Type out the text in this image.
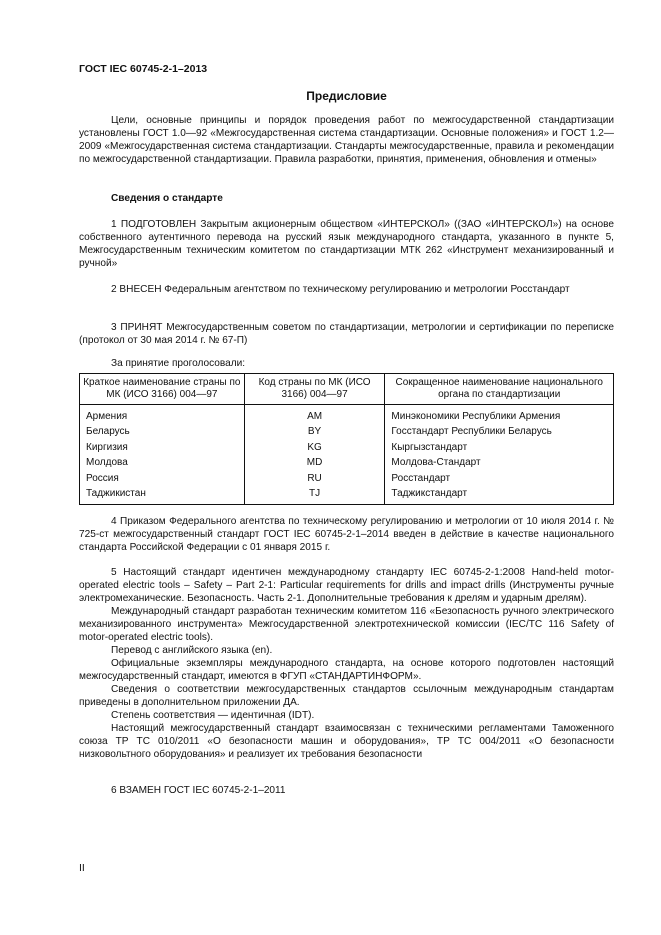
ГОСТ IEC 60745-2-1–2013
Предисловие

Цели, основные принципы и порядок проведения работ по межгосударственной стандартизации установлены ГОСТ 1.0—92 «Межгосударственная система стандартизации. Основные положения» и ГОСТ 1.2—2009 «Межгосударственная система стандартизации. Стандарты межгосударственные, правила и рекомендации по межгосударственной стандартизации. Правила разработки, принятия, применения, обновления и отмены»

Сведения о стандарте

1 ПОДГОТОВЛЕН Закрытым акционерным обществом «ИНТЕРСКОЛ» ((ЗАО «ИНТЕРСКОЛ») на основе собственного аутентичного перевода на русский язык международного стандарта, указанного в пункте 5, Межгосударственным техническим комитетом по стандартизации МТК 262 «Инструмент механизированный и ручной»

2 ВНЕСЕН Федеральным агентством по техническому регулированию и метрологии Росстандарт

3 ПРИНЯТ Межгосударственным советом по стандартизации, метрологии и сертификации по переписке (протокол от 30 мая 2014 г. № 67-П)

За принятие проголосовали:
Краткое наименование страны по МК (ИСО 3166) 004—97	Код страны по МК (ИСО 3166) 004—97	Сокращенное наименование национального органа по стандартизации
Армения	AM	Минэкономики Республики Армения
Беларусь	BY	Госстандарт Республики Беларусь
Киргизия	KG	Кыргызстандарт
Молдова	MD	Молдова-Стандарт
Россия	RU	Росстандарт
Таджикистан	TJ	Таджикстандарт

4 Приказом Федерального агентства по техническому регулированию и метрологии от 10 июля 2014 г. № 725-ст межгосударственный стандарт ГОСТ IEC 60745-2-1–2014 введен в действие в качестве национального стандарта Российской Федерации с 01 января 2015 г.

5 Настоящий стандарт идентичен международному стандарту IEC 60745-2-1:2008 Hand-held motor-operated electric tools – Safety – Part 2-1: Particular requirements for drills and impact drills (Инструменты ручные электромеханические. Безопасность. Часть 2-1. Дополнительные требования к дрелям и ударным дрелям).

Международный стандарт разработан техническим комитетом 116 «Безопасность ручного электрического механизированного инструмента» Межгосударственной электротехнической комиссии (IEC/TC 116 Safety of motor-operated electric tools).

Перевод с английского языка (en).

Официальные экземпляры международного стандарта, на основе которого подготовлен настоящий межгосударственный стандарт, имеются в ФГУП «СТАНДАРТИНФОРМ».

Сведения о соответствии межгосударственных стандартов ссылочным международным стандартам приведены в дополнительном приложении ДА.

Степень соответствия — идентичная (IDT).

Настоящий межгосударственный стандарт взаимосвязан с техническими регламентами Таможенного союза ТР ТС 010/2011 «О безопасности машин и оборудования», ТР ТС 004/2011 «О безопасности низковольтного оборудования» и реализует их требования безопасности

6 ВЗАМЕН ГОСТ IEC 60745-2-1–2011

II
